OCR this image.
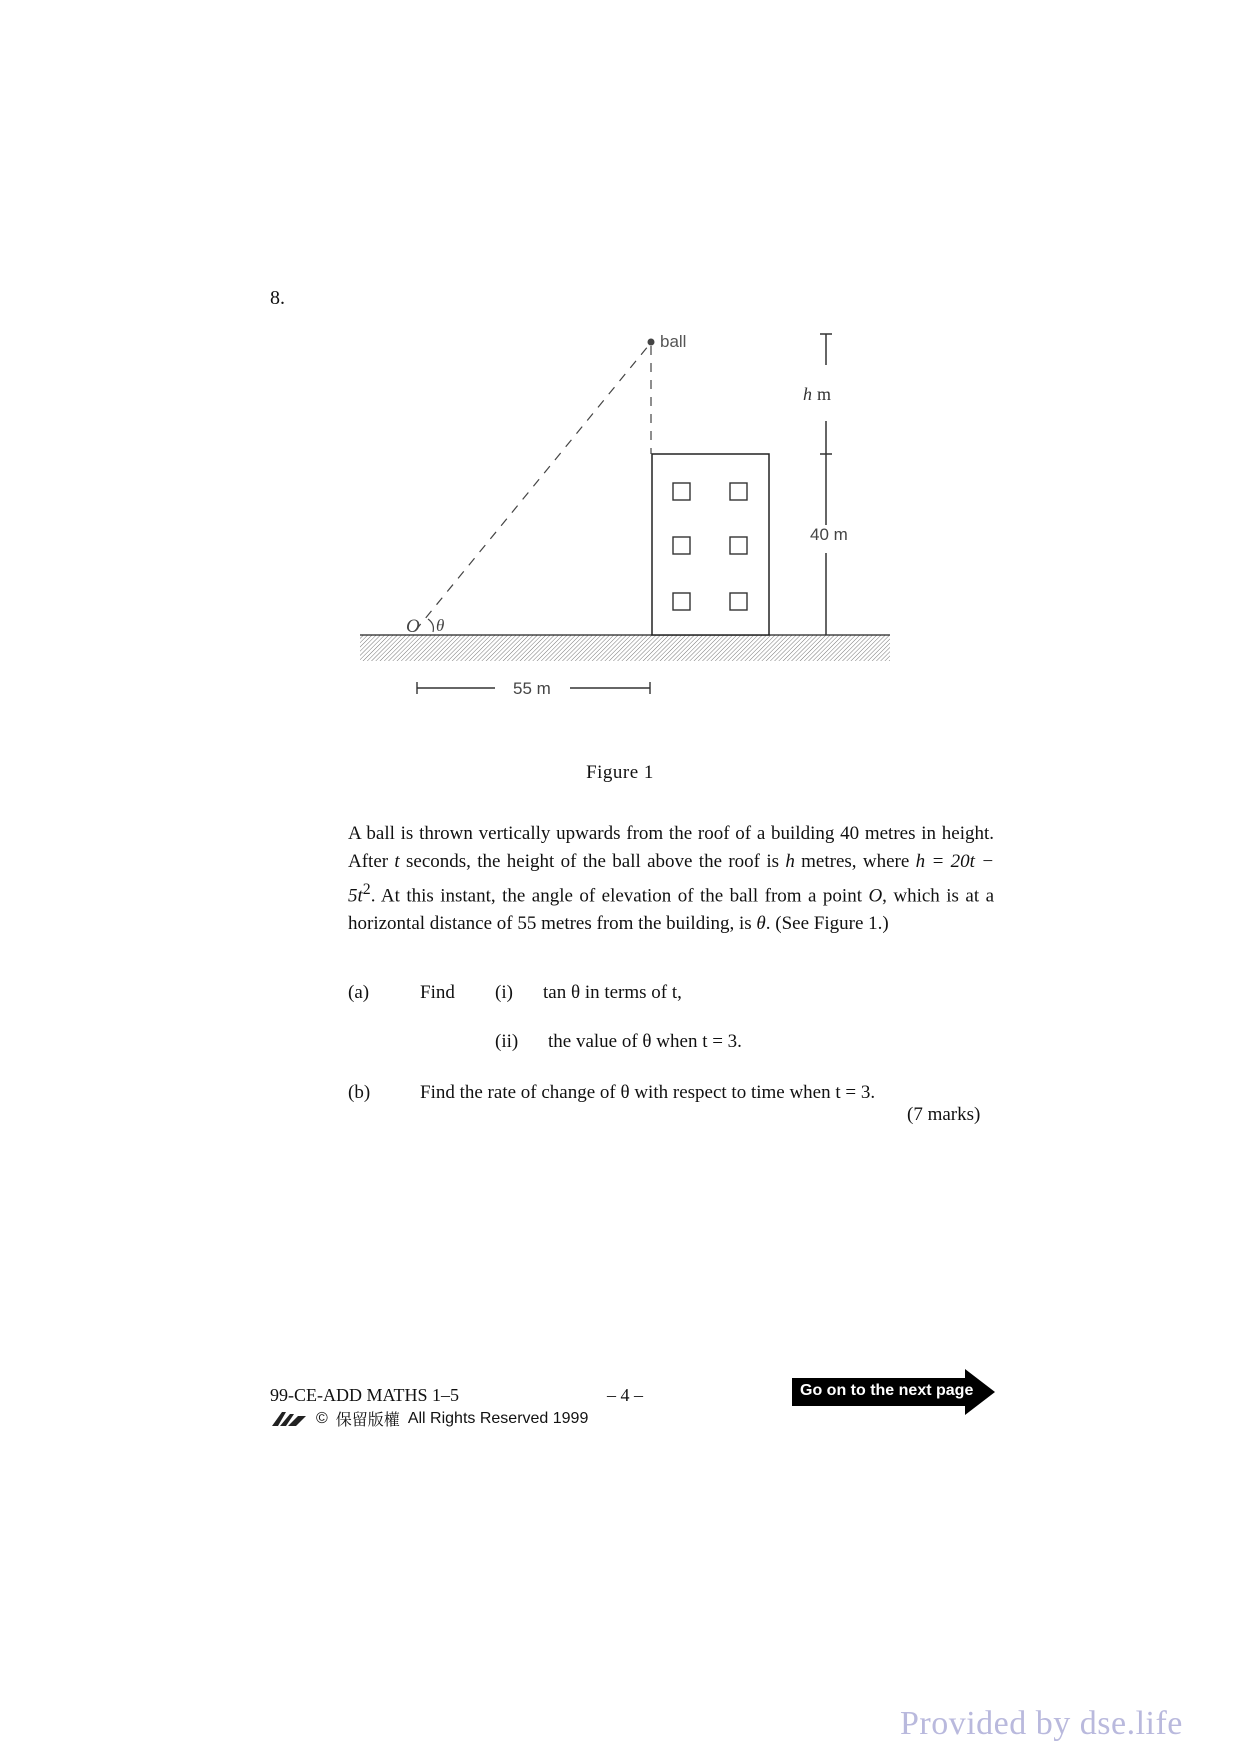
8.
ball
O θ
h m
40 m
55 m
Figure 1
A ball is thrown vertically upwards from the roof of a building 40 metres in height. After t seconds, the height of the ball above the roof is h metres, where $h = 20t - 5t^2$. At this instant, the angle of elevation of the ball from a point O, which is at a horizontal distance of 55 metres from the building, is θ. (See Figure 1.)
(a)	Find (i) tan θ in terms of t,
(ii) the value of θ when t = 3.
(b)	Find the rate of change of θ with respect to time when t = 3.
(7 marks)
99-CE-ADD MATHS 1–5	– 4 –
© 保留版權 All Rights Reserved 1999
Go on to the next page
Provided by dse.life
